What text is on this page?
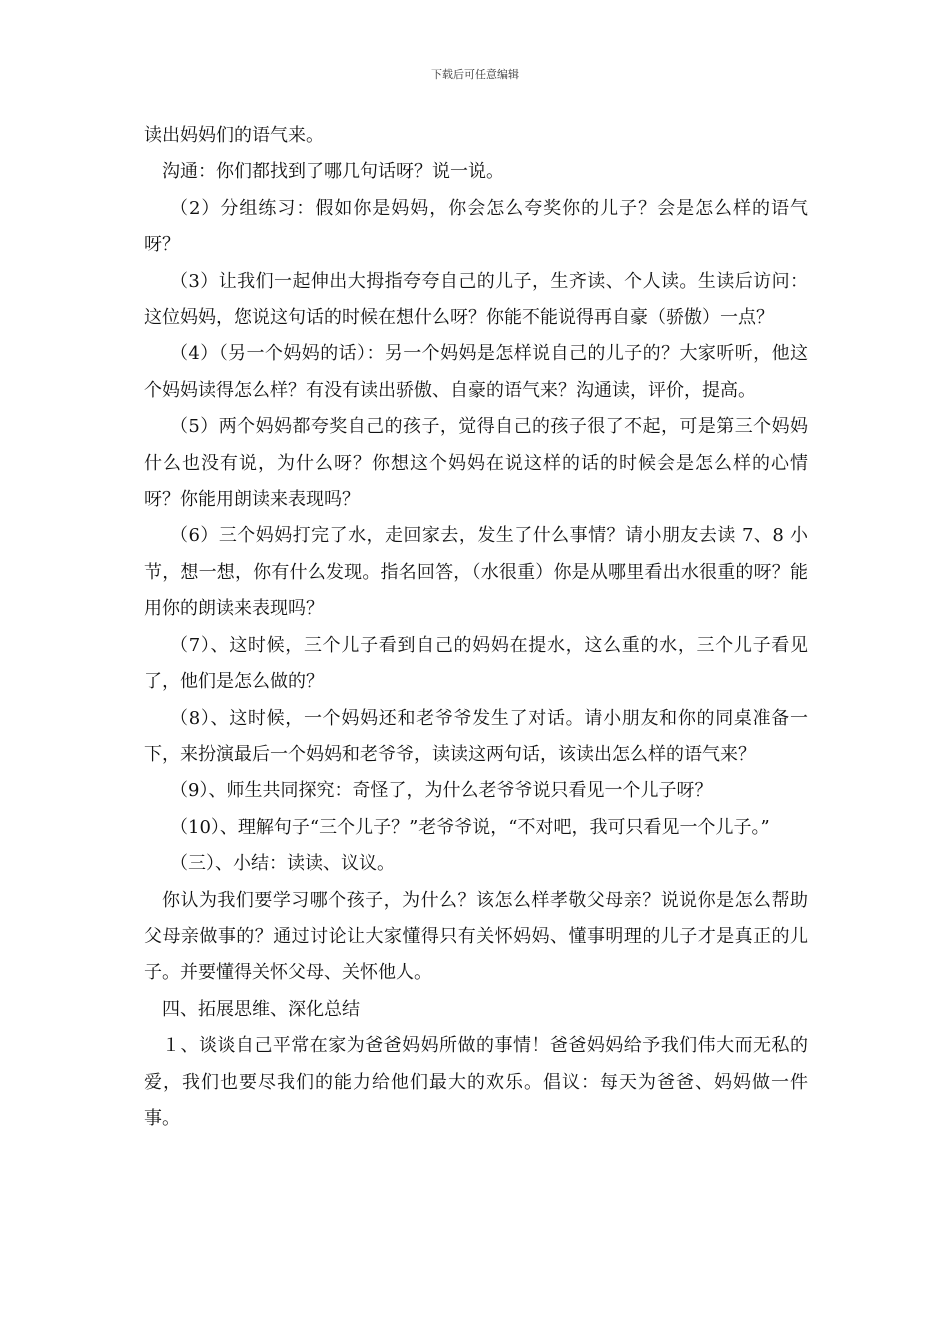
下载后可任意编辑

读出妈妈们的语气来。

沟通：你们都找到了哪几句话呀？说一说。

（2）分组练习：假如你是妈妈，你会怎么夸奖你的儿子？会是怎么样的语气呀？

（3）让我们一起伸出大拇指夸夸自己的儿子，生齐读、个人读。生读后访问：这位妈妈，您说这句话的时候在想什么呀？你能不能说得再自豪（骄傲）一点？

（4）（另一个妈妈的话）：另一个妈妈是怎样说自己的儿子的？大家听听，他这个妈妈读得怎么样？有没有读出骄傲、自豪的语气来？沟通读，评价，提高。

（5）两个妈妈都夸奖自己的孩子，觉得自己的孩子很了不起，可是第三个妈妈什么也没有说，为什么呀？你想这个妈妈在说这样的话的时候会是怎么样的心情呀？你能用朗读来表现吗？

（6）三个妈妈打完了水，走回家去，发生了什么事情？请小朋友去读 7、8 小节，想一想，你有什么发现。指名回答，（水很重）你是从哪里看出水很重的呀？能用你的朗读来表现吗？

（7）、这时候，三个儿子看到自己的妈妈在提水，这么重的水，三个儿子看见了，他们是怎么做的？

（8）、这时候，一个妈妈还和老爷爷发生了对话。请小朋友和你的同桌准备一下，来扮演最后一个妈妈和老爷爷，读读这两句话，该读出怎么样的语气来？

（9）、师生共同探究：奇怪了，为什么老爷爷说只看见一个儿子呀？

（10）、理解句子“三个儿子？”老爷爷说，“不对吧，我可只看见一个儿子。”

（三）、小结：读读、议议。

你认为我们要学习哪个孩子，为什么？该怎么样孝敬父母亲？说说你是怎么帮助父母亲做事的？通过讨论让大家懂得只有关怀妈妈、懂事明理的儿子才是真正的儿子。并要懂得关怀父母、关怀他人。

四、拓展思维、深化总结

１、谈谈自己平常在家为爸爸妈妈所做的事情！爸爸妈妈给予我们伟大而无私的爱，我们也要尽我们的能力给他们最大的欢乐。倡议：每天为爸爸、妈妈做一件事。
